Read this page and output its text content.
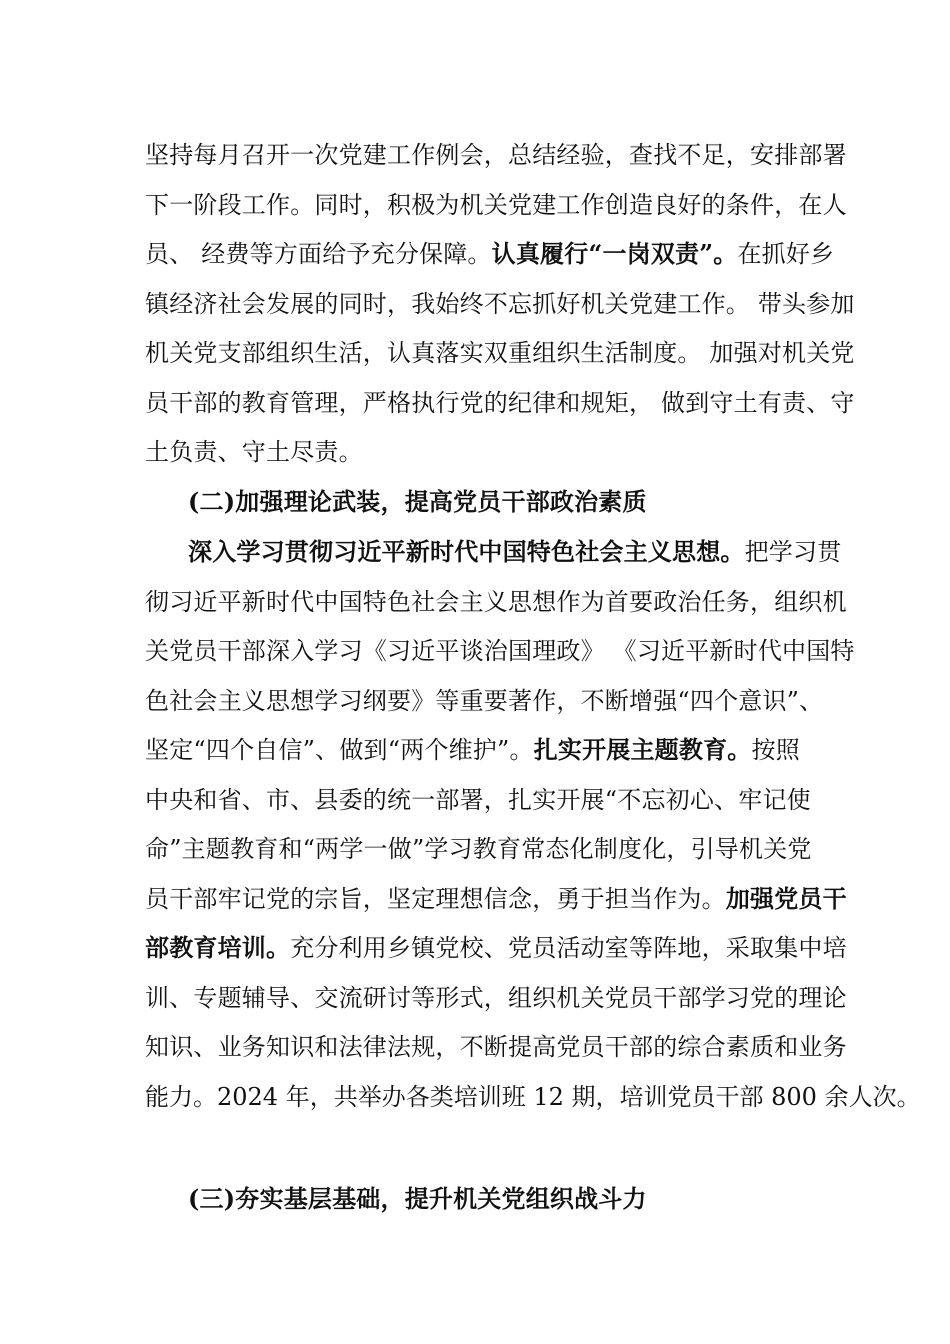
坚持每月召开一次党建工作例会，总结经验，查找不足，安排部署
下一阶段工作。同时，积极为机关党建工作创造良好的条件，在人
员、 经费等方面给予充分保障。认真履行“一岗双责”。在抓好乡
镇经济社会发展的同时，我始终不忘抓好机关党建工作。 带头参加
机关党支部组织生活，认真落实双重组织生活制度。 加强对机关党
员干部的教育管理，严格执行党的纪律和规矩， 做到守土有责、守
土负责、守土尽责。
(二)加强理论武装，提高党员干部政治素质
深入学习贯彻习近平新时代中国特色社会主义思想。把学习贯
彻习近平新时代中国特色社会主义思想作为首要政治任务，组织机
关党员干部深入学习《习近平谈治国理政》 《习近平新时代中国特
色社会主义思想学习纲要》等重要著作，不断增强“四个意识”、
坚定“四个自信”、做到“两个维护”。扎实开展主题教育。按照
中央和省、市、县委的统一部署，扎实开展“不忘初心、牢记使
命”主题教育和“两学一做”学习教育常态化制度化，引导机关党
员干部牢记党的宗旨，坚定理想信念，勇于担当作为。加强党员干
部教育培训。充分利用乡镇党校、党员活动室等阵地，采取集中培
训、专题辅导、交流研讨等形式，组织机关党员干部学习党的理论
知识、业务知识和法律法规，不断提高党员干部的综合素质和业务
能力。2024 年，共举办各类培训班 12 期，培训党员干部 800 余人次。
(三)夯实基层基础，提升机关党组织战斗力
